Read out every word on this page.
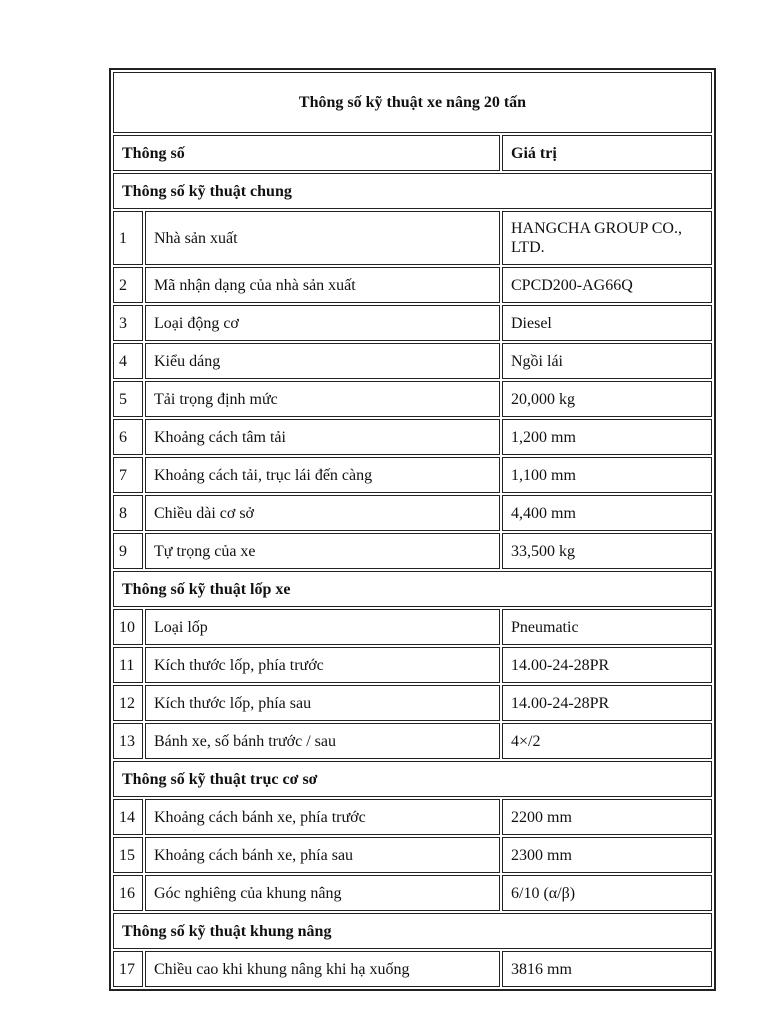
Thông số kỹ thuật xe nâng 20 tấn		
Thông số		Giá trị
Thông số kỹ thuật chung		
1	Nhà sản xuất	HANGCHA GROUP CO., LTD.
2	Mã nhận dạng của nhà sản xuất	CPCD200-AG66Q
3	Loại động cơ	Diesel
4	Kiểu dáng	Ngồi lái
5	Tải trọng định mức	20,000 kg
6	Khoảng cách tâm tải	1,200 mm
7	Khoảng cách tải, trục lái đến càng	1,100 mm
8	Chiều dài cơ sở	4,400 mm
9	Tự trọng của xe	33,500 kg
Thông số kỹ thuật lốp xe		
10	Loại lốp	Pneumatic
11	Kích thước lốp, phía trước	14.00-24-28PR
12	Kích thước lốp, phía sau	14.00-24-28PR
13	Bánh xe, số bánh trước / sau	4×/2
Thông số kỹ thuật trục cơ sơ		
14	Khoảng cách bánh xe, phía trước	2200 mm
15	Khoảng cách bánh xe, phía sau	2300 mm
16	Góc nghiêng của khung nâng	6/10 (α/β)
Thông số kỹ thuật khung nâng		
17	Chiều cao khi khung nâng khi hạ xuống	3816 mm
